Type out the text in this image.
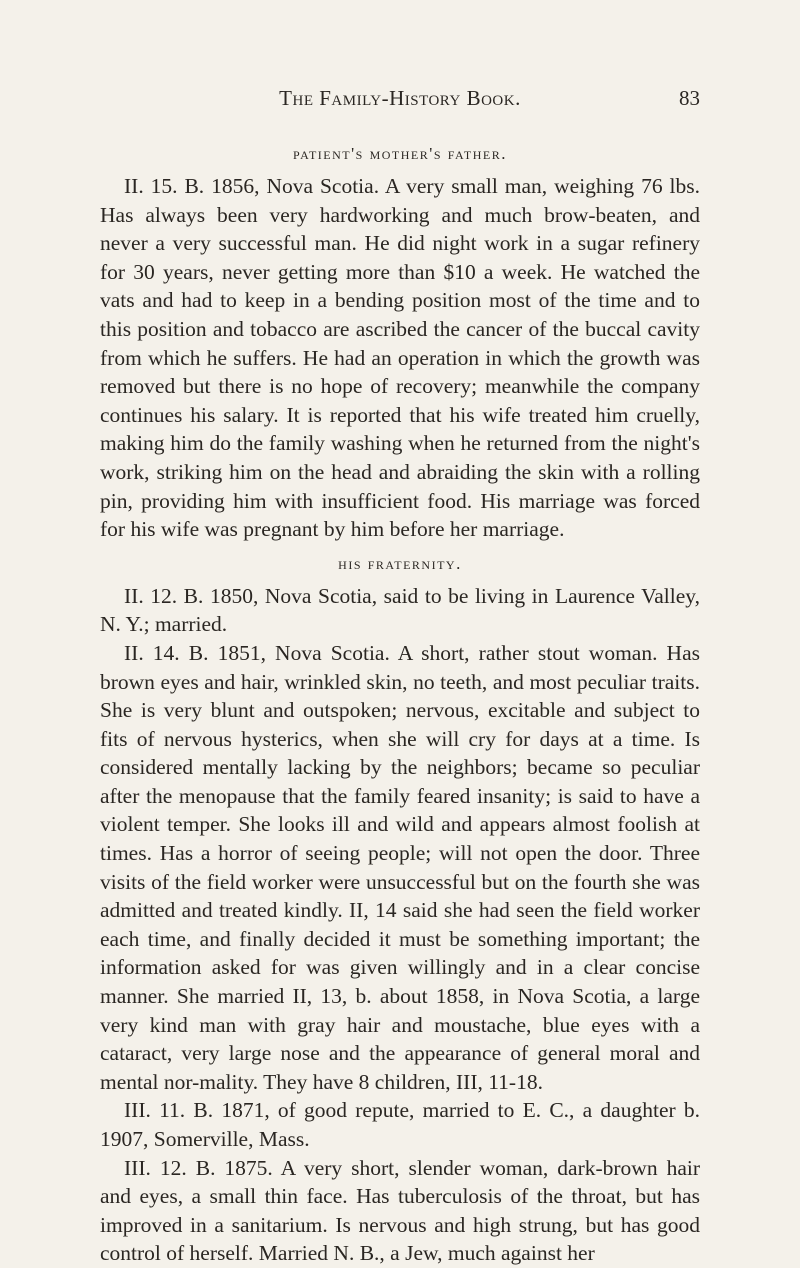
The Family-History Book.	83
patient's mother's father.

II. 15. B. 1856, Nova Scotia. A very small man, weighing 76 lbs. Has always been very hardworking and much brow-beaten, and never a very successful man. He did night work in a sugar refinery for 30 years, never getting more than $10 a week. He watched the vats and had to keep in a bending position most of the time and to this position and tobacco are ascribed the cancer of the buccal cavity from which he suffers. He had an operation in which the growth was removed but there is no hope of recovery; meanwhile the company continues his salary. It is reported that his wife treated him cruelly, making him do the family washing when he returned from the night's work, striking him on the head and abraiding the skin with a rolling pin, providing him with insufficient food. His marriage was forced for his wife was pregnant by him before her marriage.

his fraternity.

II. 12. B. 1850, Nova Scotia, said to be living in Laurence Valley, N. Y.; married.

II. 14. B. 1851, Nova Scotia. A short, rather stout woman. Has brown eyes and hair, wrinkled skin, no teeth, and most peculiar traits. She is very blunt and outspoken; nervous, excitable and subject to fits of nervous hysterics, when she will cry for days at a time. Is considered mentally lacking by the neighbors; became so peculiar after the menopause that the family feared insanity; is said to have a violent temper. She looks ill and wild and appears almost foolish at times. Has a horror of seeing people; will not open the door. Three visits of the field worker were unsuccessful but on the fourth she was admitted and treated kindly. II, 14 said she had seen the field worker each time, and finally decided it must be something important; the information asked for was given willingly and in a clear concise manner. She married II, 13, b. about 1858, in Nova Scotia, a large very kind man with gray hair and moustache, blue eyes with a cataract, very large nose and the appearance of general moral and mental nor-mality. They have 8 children, III, 11-18.

III. 11. B. 1871, of good repute, married to E. C., a daughter b. 1907, Somerville, Mass.

III. 12. B. 1875. A very short, slender woman, dark-brown hair and eyes, a small thin face. Has tuberculosis of the throat, but has improved in a sanitarium. Is nervous and high strung, but has good control of herself. Married N. B., a Jew, much against her
